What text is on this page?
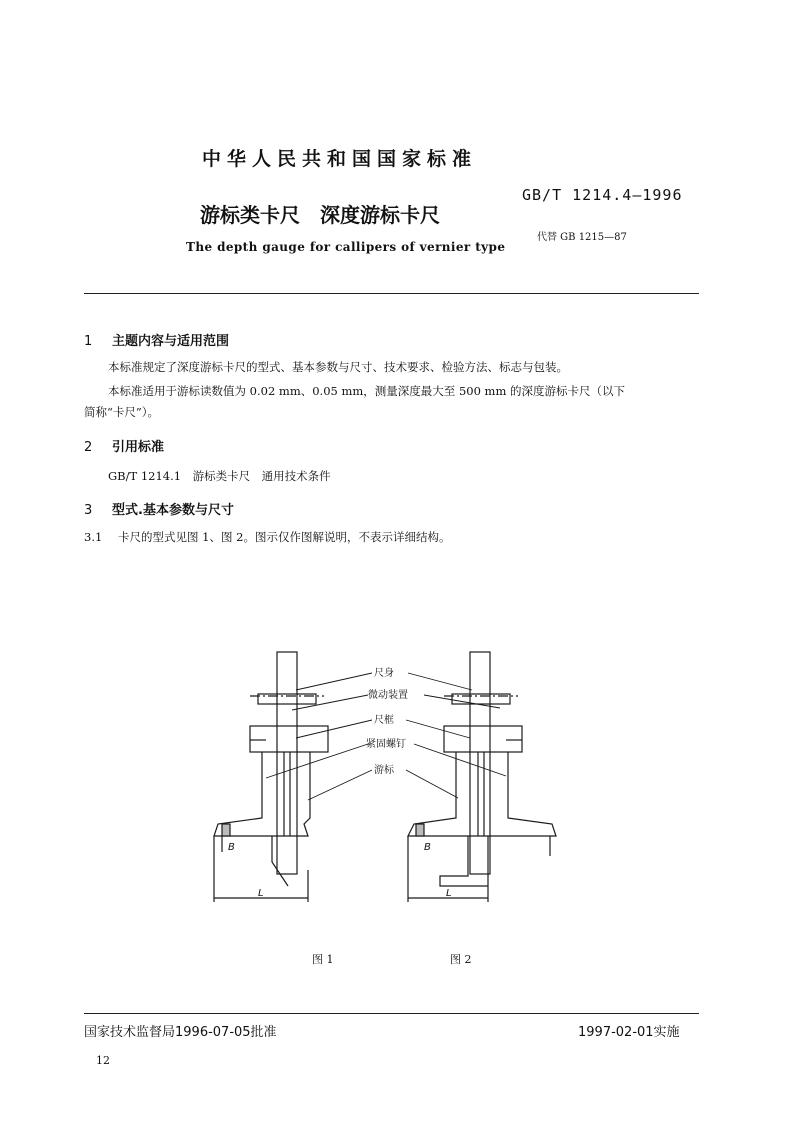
中华人民共和国国家标准
游标类卡尺　深度游标卡尺
The depth gauge for callipers of vernier type
GB/T 1214.4—1996
代替 GB 1215—87
1 主题内容与适用范围
本标准规定了深度游标卡尺的型式、基本参数与尺寸、技术要求、检验方法、标志与包装。
本标准适用于游标读数值为 0.02 mm、0.05 mm，测量深度最大至 500 mm 的深度游标卡尺（以下
简称“卡尺”）。
2 引用标准
GB/T 1214.1　游标类卡尺　通用技术条件
3 型式.基本参数与尺寸
3.1 卡尺的型式见图 1、图 2。图示仅作图解说明，不表示详细结构。
尺身
微动装置
尺框
紧固螺钉
游标
B	B
L	L
图 1	图 2
国家技术监督局1996-07-05批准	1997-02-01实施
12
